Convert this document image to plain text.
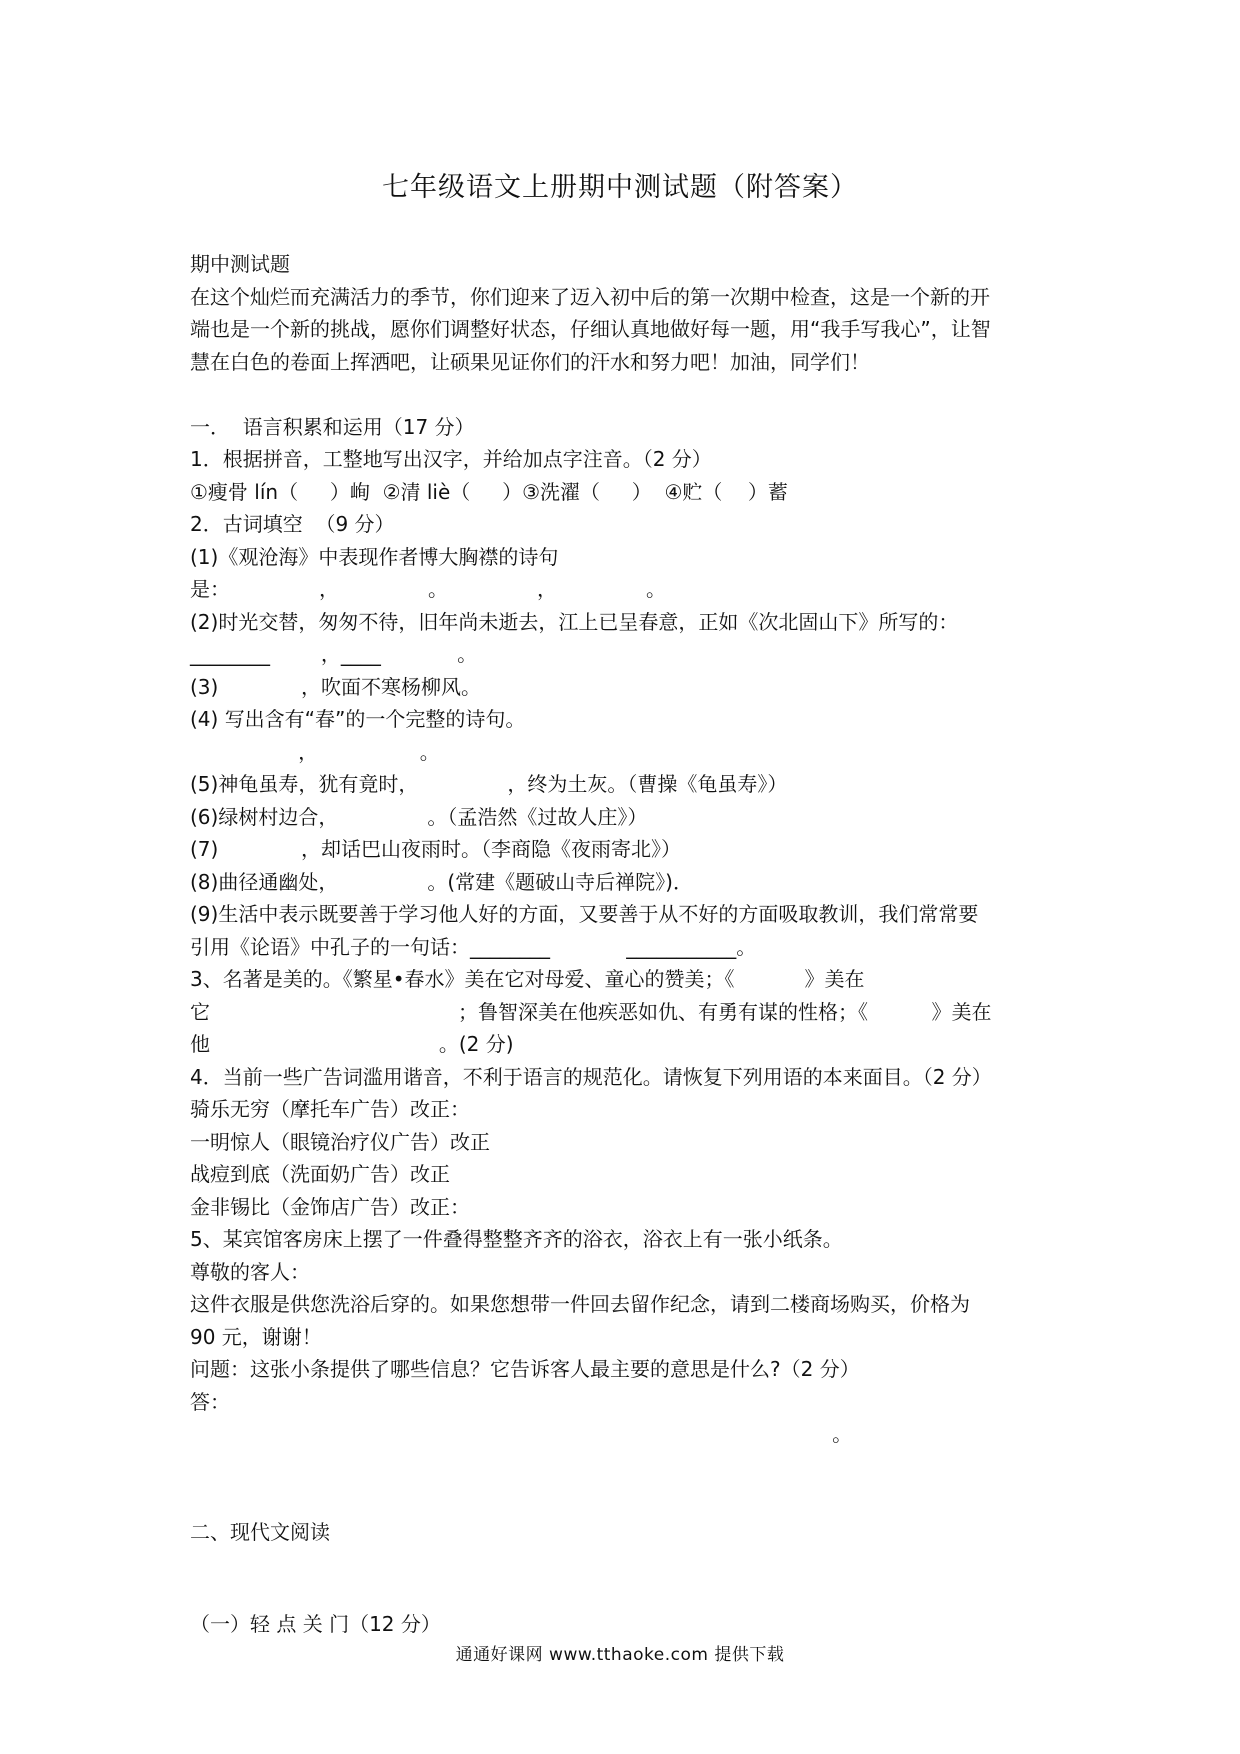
七年级语文上册期中测试题（附答案）
期中测试题
在这个灿烂而充满活力的季节，你们迎来了迈入初中后的第一次期中检查，这是一个新的开
端也是一个新的挑战，愿你们调整好状态，仔细认真地做好每一题，用“我手写我心”，让智
慧在白色的卷面上挥洒吧，让硕果见证你们的汗水和努力吧！加油，同学们！
一．  语言积累和运用（17 分）
1．根据拼音，工整地写出汉字，并给加点字注音。（2 分）
①瘦骨 lín（     ）峋  ②清 liè（     ）③洗濯（     ）  ④贮（    ）蓄
2．古词填空  （9 分）
(1)《观沧海》中表现作者博大胸襟的诗句
是：              ，              。              ，              。
(2)时光交替，匆匆不待，旧年尚未逝去，江上已呈春意，正如《次北固山下》所写的：
________        ，____            。
(3)             ，吹面不寒杨柳风。
(4) 写出含有“春”的一个完整的诗句。
，                。
(5)神龟虽寿，犹有竟时，              ，终为土灰。（曹操《龟虽寿》）
(6)绿树村边合，              。（孟浩然《过故人庄》）
(7)             ，却话巴山夜雨时。（李商隐《夜雨寄北》）
(8)曲径通幽处，              。(常建《题破山寺后禅院》)．
(9)生活中表示既要善于学习他人好的方面，又要善于从不好的方面吸取教训，我们常常要
引用《论语》中孔子的一句话：________            ___________。
3、名著是美的。《繁星•春水》美在它对母爱、童心的赞美；《           》美在
它                                       ；鲁智深美在他疾恶如仇、有勇有谋的性格；《          》美在
他                                    。(2 分)
4．当前一些广告词滥用谐音，不利于语言的规范化。请恢复下列用语的本来面目。（2 分）
骑乐无穷（摩托车广告）改正：
一明惊人（眼镜治疗仪广告）改正
战痘到底（洗面奶广告）改正
金非锡比（金饰店广告）改正：
5、某宾馆客房床上摆了一件叠得整整齐齐的浴衣，浴衣上有一张小纸条。
尊敬的客人：
这件衣服是供您洗浴后穿的。如果您想带一件回去留作纪念，请到二楼商场购买，价格为
90 元，谢谢！
问题：这张小条提供了哪些信息？它告诉客人最主要的意思是什么?（2 分）
答：
。
二、现代文阅读
（一）轻 点 关 门（12 分）
通通好课网 www.tthaoke.com 提供下载
